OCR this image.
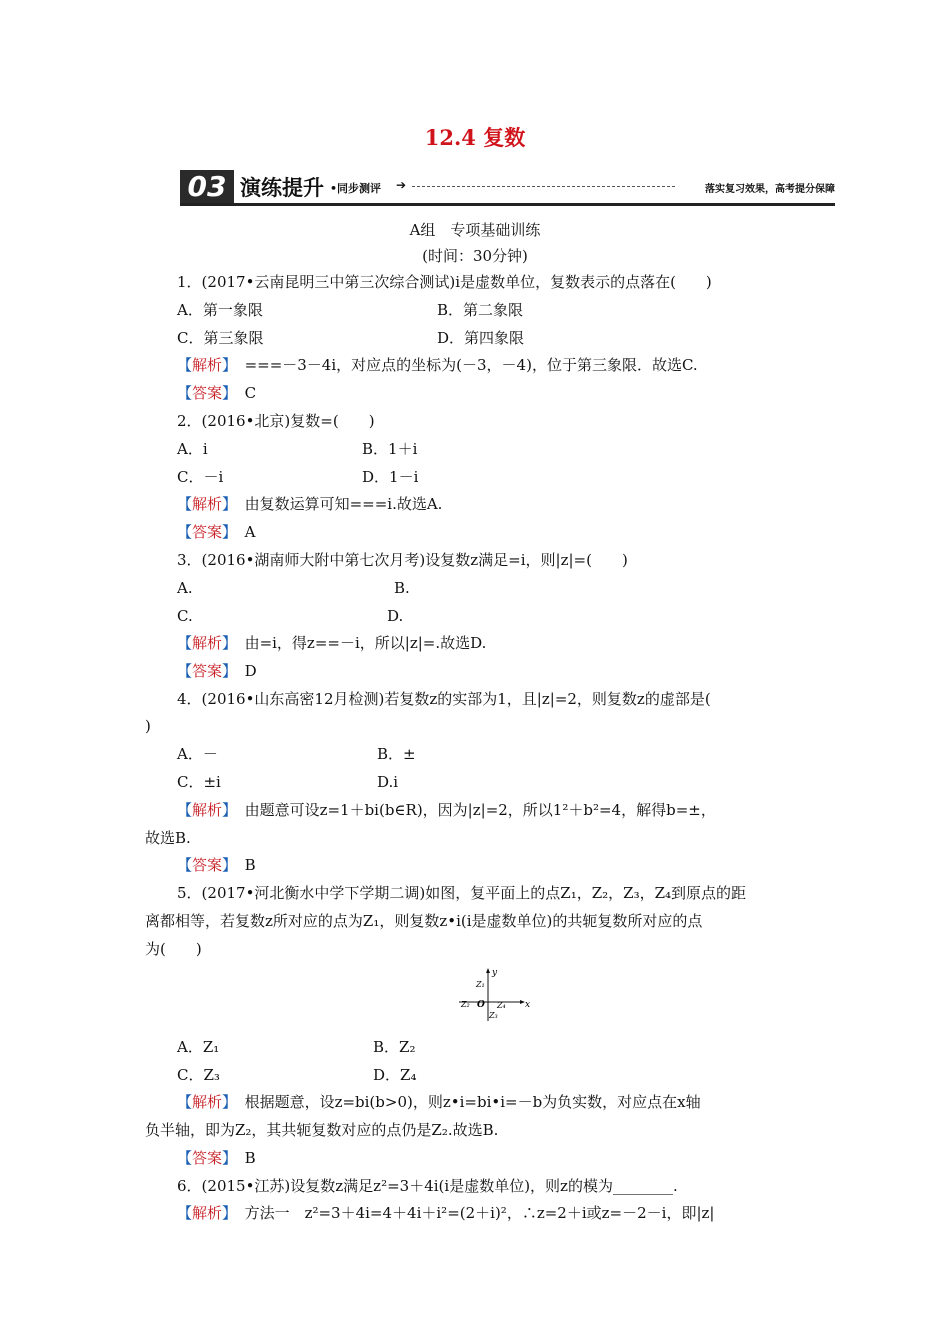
12.4 复数
03 演练提升 •同步测评 ➔	落实复习效果，高考提分保障
A组　专项基础训练
(时间：30分钟)
1．(2017•云南昆明三中第三次综合测试)i是虚数单位，复数表示的点落在(　　)
A．第一象限	B．第二象限
C．第三象限	D．第四象限
【解析】　 ===－3－4i，对应点的坐标为(－3，－4)，位于第三象限．故选C.
【答案】　 C
2．(2016•北京)复数=(　　)
A．i	B．1＋i
C．－i	D．1－i
【解析】　 由复数运算可知===i.故选A.
【答案】　 A
3．(2016•湖南师大附中第七次月考)设复数z满足=i，则|z|=(　　)
A.	B.
C.	D.
【解析】　 由=i，得z==－i，所以|z|=.故选D.
【答案】　 D
4．(2016•山东高密12月检测)若复数z的实部为1，且|z|=2，则复数z的虚部是(
)
A．－	B．±
C．±i	D.i
【解析】　 由题意可设z=1＋bi(b∈R)，因为|z|=2，所以1²＋b²=4，解得b=±，
故选B.
【答案】　 B
5．(2017•河北衡水中学下学期二调)如图，复平面上的点Z₁，Z₂，Z₃，Z₄到原点的距
离都相等，若复数z所对应的点为Z₁，则复数z•i(i是虚数单位)的共轭复数所对应的点
为(　　)
y
x
O
Z₁
Z₂
Z₃
Z₄
A．Z₁	B．Z₂
C．Z₃	D．Z₄
【解析】　 根据题意，设z=bi(b>0)，则z•i=bi•i=－b为负实数，对应点在x轴
负半轴，即为Z₂，其共轭复数对应的点仍是Z₂.故选B.
【答案】　 B
6．(2015•江苏)设复数z满足z²=3＋4i(i是虚数单位)，则z的模为________.
【解析】　 方法一　z²=3＋4i=4＋4i＋i²=(2＋i)²，∴z=2＋i或z=－2－i，即|z|
